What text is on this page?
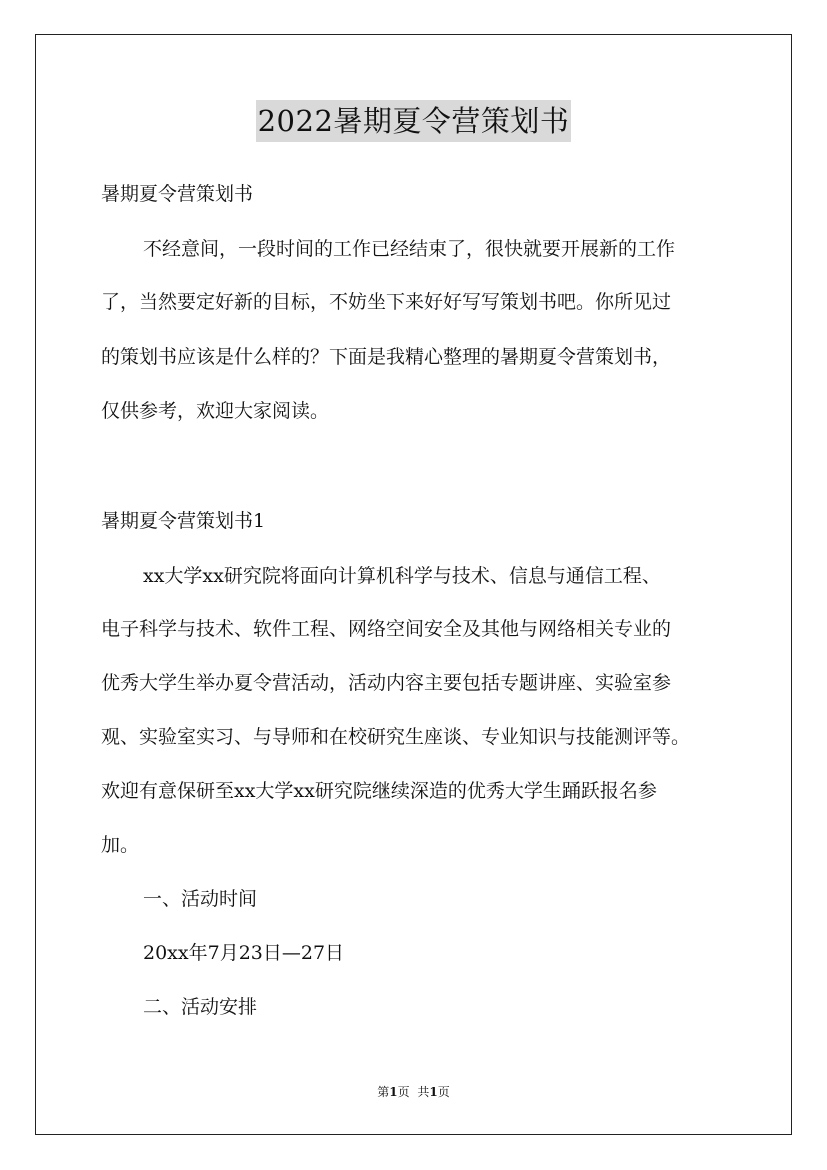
2022暑期夏令营策划书
暑期夏令营策划书
不经意间，一段时间的工作已经结束了，很快就要开展新的工作
了，当然要定好新的目标，不妨坐下来好好写写策划书吧。你所见过
的策划书应该是什么样的？下面是我精心整理的暑期夏令营策划书，
仅供参考，欢迎大家阅读。
暑期夏令营策划书1
xx大学xx研究院将面向计算机科学与技术、信息与通信工程、
电子科学与技术、软件工程、网络空间安全及其他与网络相关专业的
优秀大学生举办夏令营活动，活动内容主要包括专题讲座、实验室参
观、实验室实习、与导师和在校研究生座谈、专业知识与技能测评等。
欢迎有意保研至xx大学xx研究院继续深造的优秀大学生踊跃报名参
加。
一、活动时间
20xx年7月23日—27日
二、活动安排
第1页 共1页
